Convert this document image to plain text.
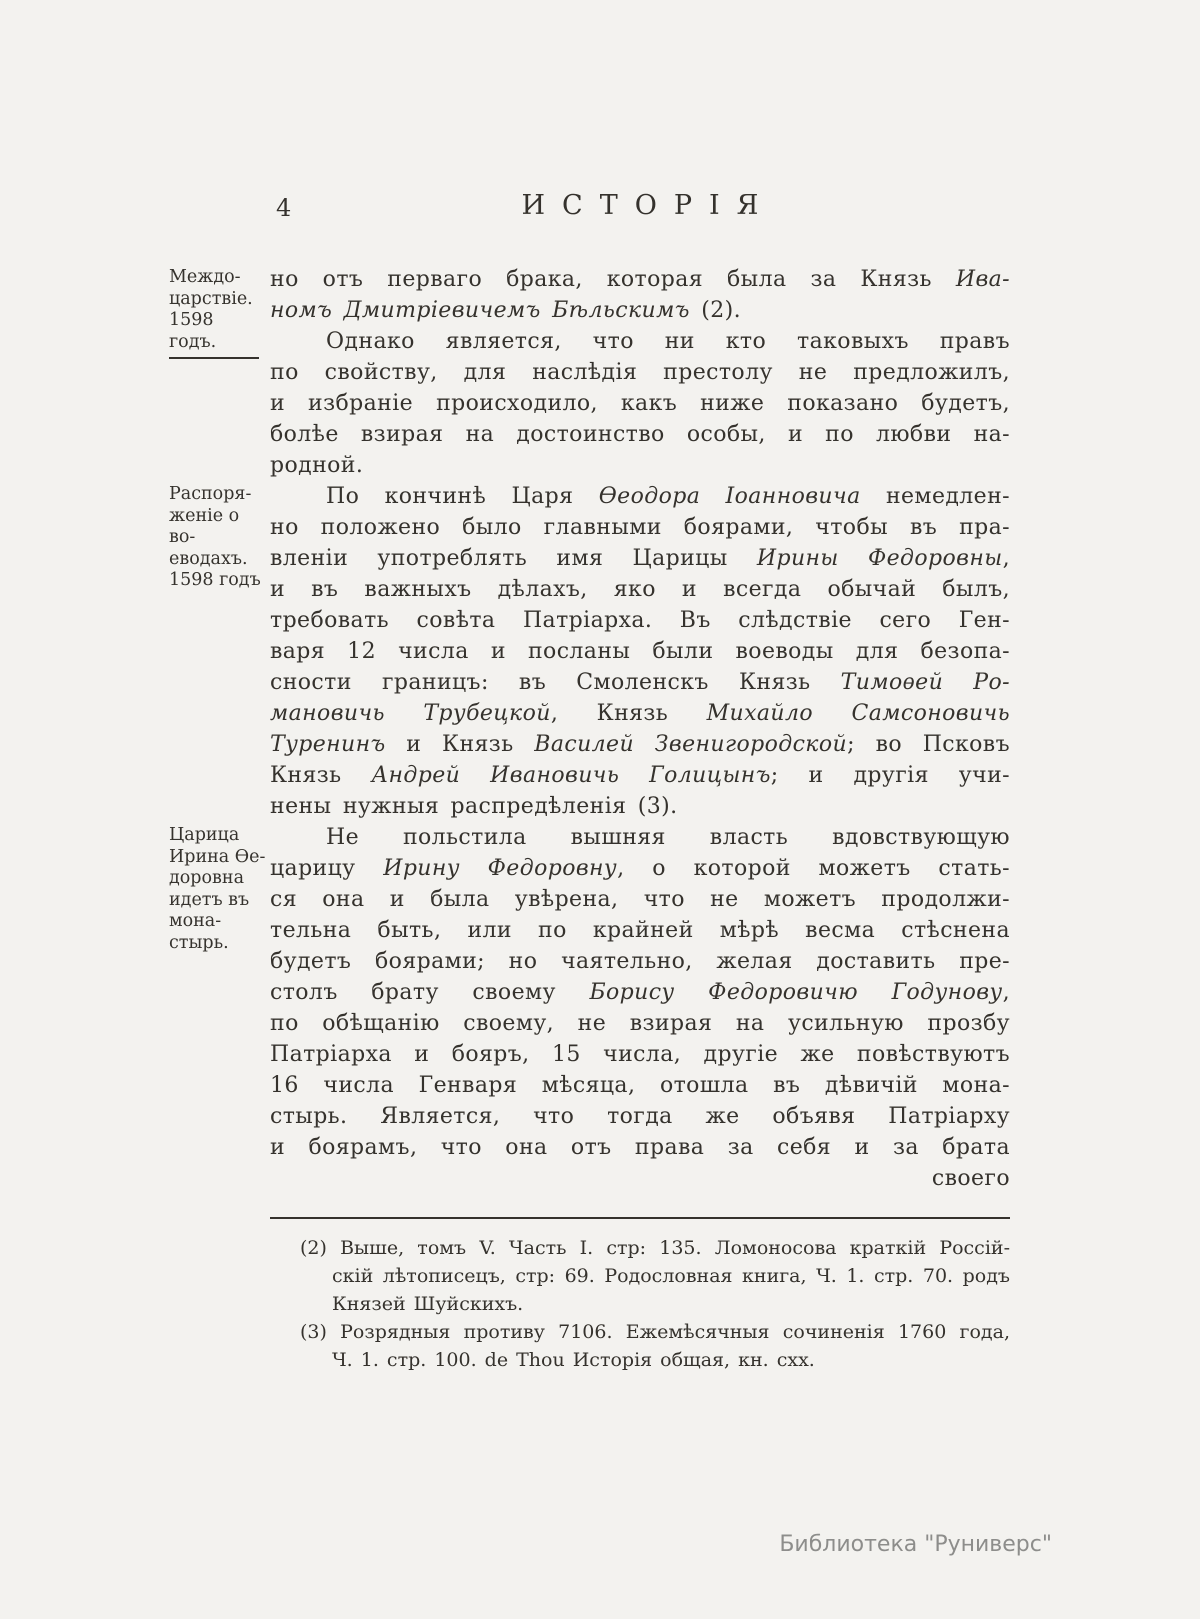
4	ИСТОРІЯ
Междо-
царствіе.
1598 годъ.
но отъ перваго брака, которая была за Князь Ива-
номъ Дмитріевичемъ Бѣльскимъ (2).
Однако является, что ни кто таковыхъ правъ
по свойству, для наслѣдія престолу не предложилъ,
и избраніе происходило, какъ ниже показано будетъ,
болѣе взирая на достоинство особы, и по любви на-
родной.
Распоря-
женіе о во-
еводахъ.
1598 годъ
По кончинѣ Царя Ѳеодора Іоанновича немедлен-
но положено было главными боярами, чтобы въ пра-
вленіи употреблять имя Царицы Ирины Федоровны,
и въ важныхъ дѣлахъ, яко и всегда обычай былъ,
требовать совѣта Патріарха. Въ слѣдствіе сего Ген-
варя 12 числа и посланы были воеводы для безопа-
сности границъ: въ Смоленскъ Князь Тимоѳей Ро-
мановичь Трубецкой, Князь Михайло Самсоновичь
Туренинъ и Князь Василей Звенигородской; во Псковъ
Князь Андрей Ивановичь Голицынъ; и другія учи-
нены нужныя распредѣленія (3).
Царица
Ирина Ѳе-
доровна
идетъ въ
мона-
стырь.
Не польстила вышняя власть вдовствующую
царицу Ирину Федоровну, о которой можетъ стать-
ся она и была увѣрена, что не можетъ продолжи-
тельна быть, или по крайней мѣрѣ весма стѣснена
будетъ боярами; но чаятельно, желая доставить пре-
столъ брату своему Борису Федоровичю Годунову,
по обѣщанію своему, не взирая на усильную прозбу
Патріарха и бояръ, 15 числа, другіе же повѣствуютъ
16 числа Генваря мѣсяца, отошла въ дѣвичій мона-
стырь. Является, что тогда же объявя Патріарху
и боярамъ, что она отъ права за себя и за брата
своего
(2) Выше, томъ V. Часть I. стр: 135. Ломоносова краткій Россій-
скій лѣтописецъ, стр: 69. Родословная книга, Ч. 1. стр. 70. родъ
Князей Шуйскихъ.
(3) Розрядныя противу 7106. Ежемѣсячныя сочиненія 1760 года,
Ч. 1. стр. 100. de Thou Исторія общая, кн. cxx.
Библиотека "Руниверс"
